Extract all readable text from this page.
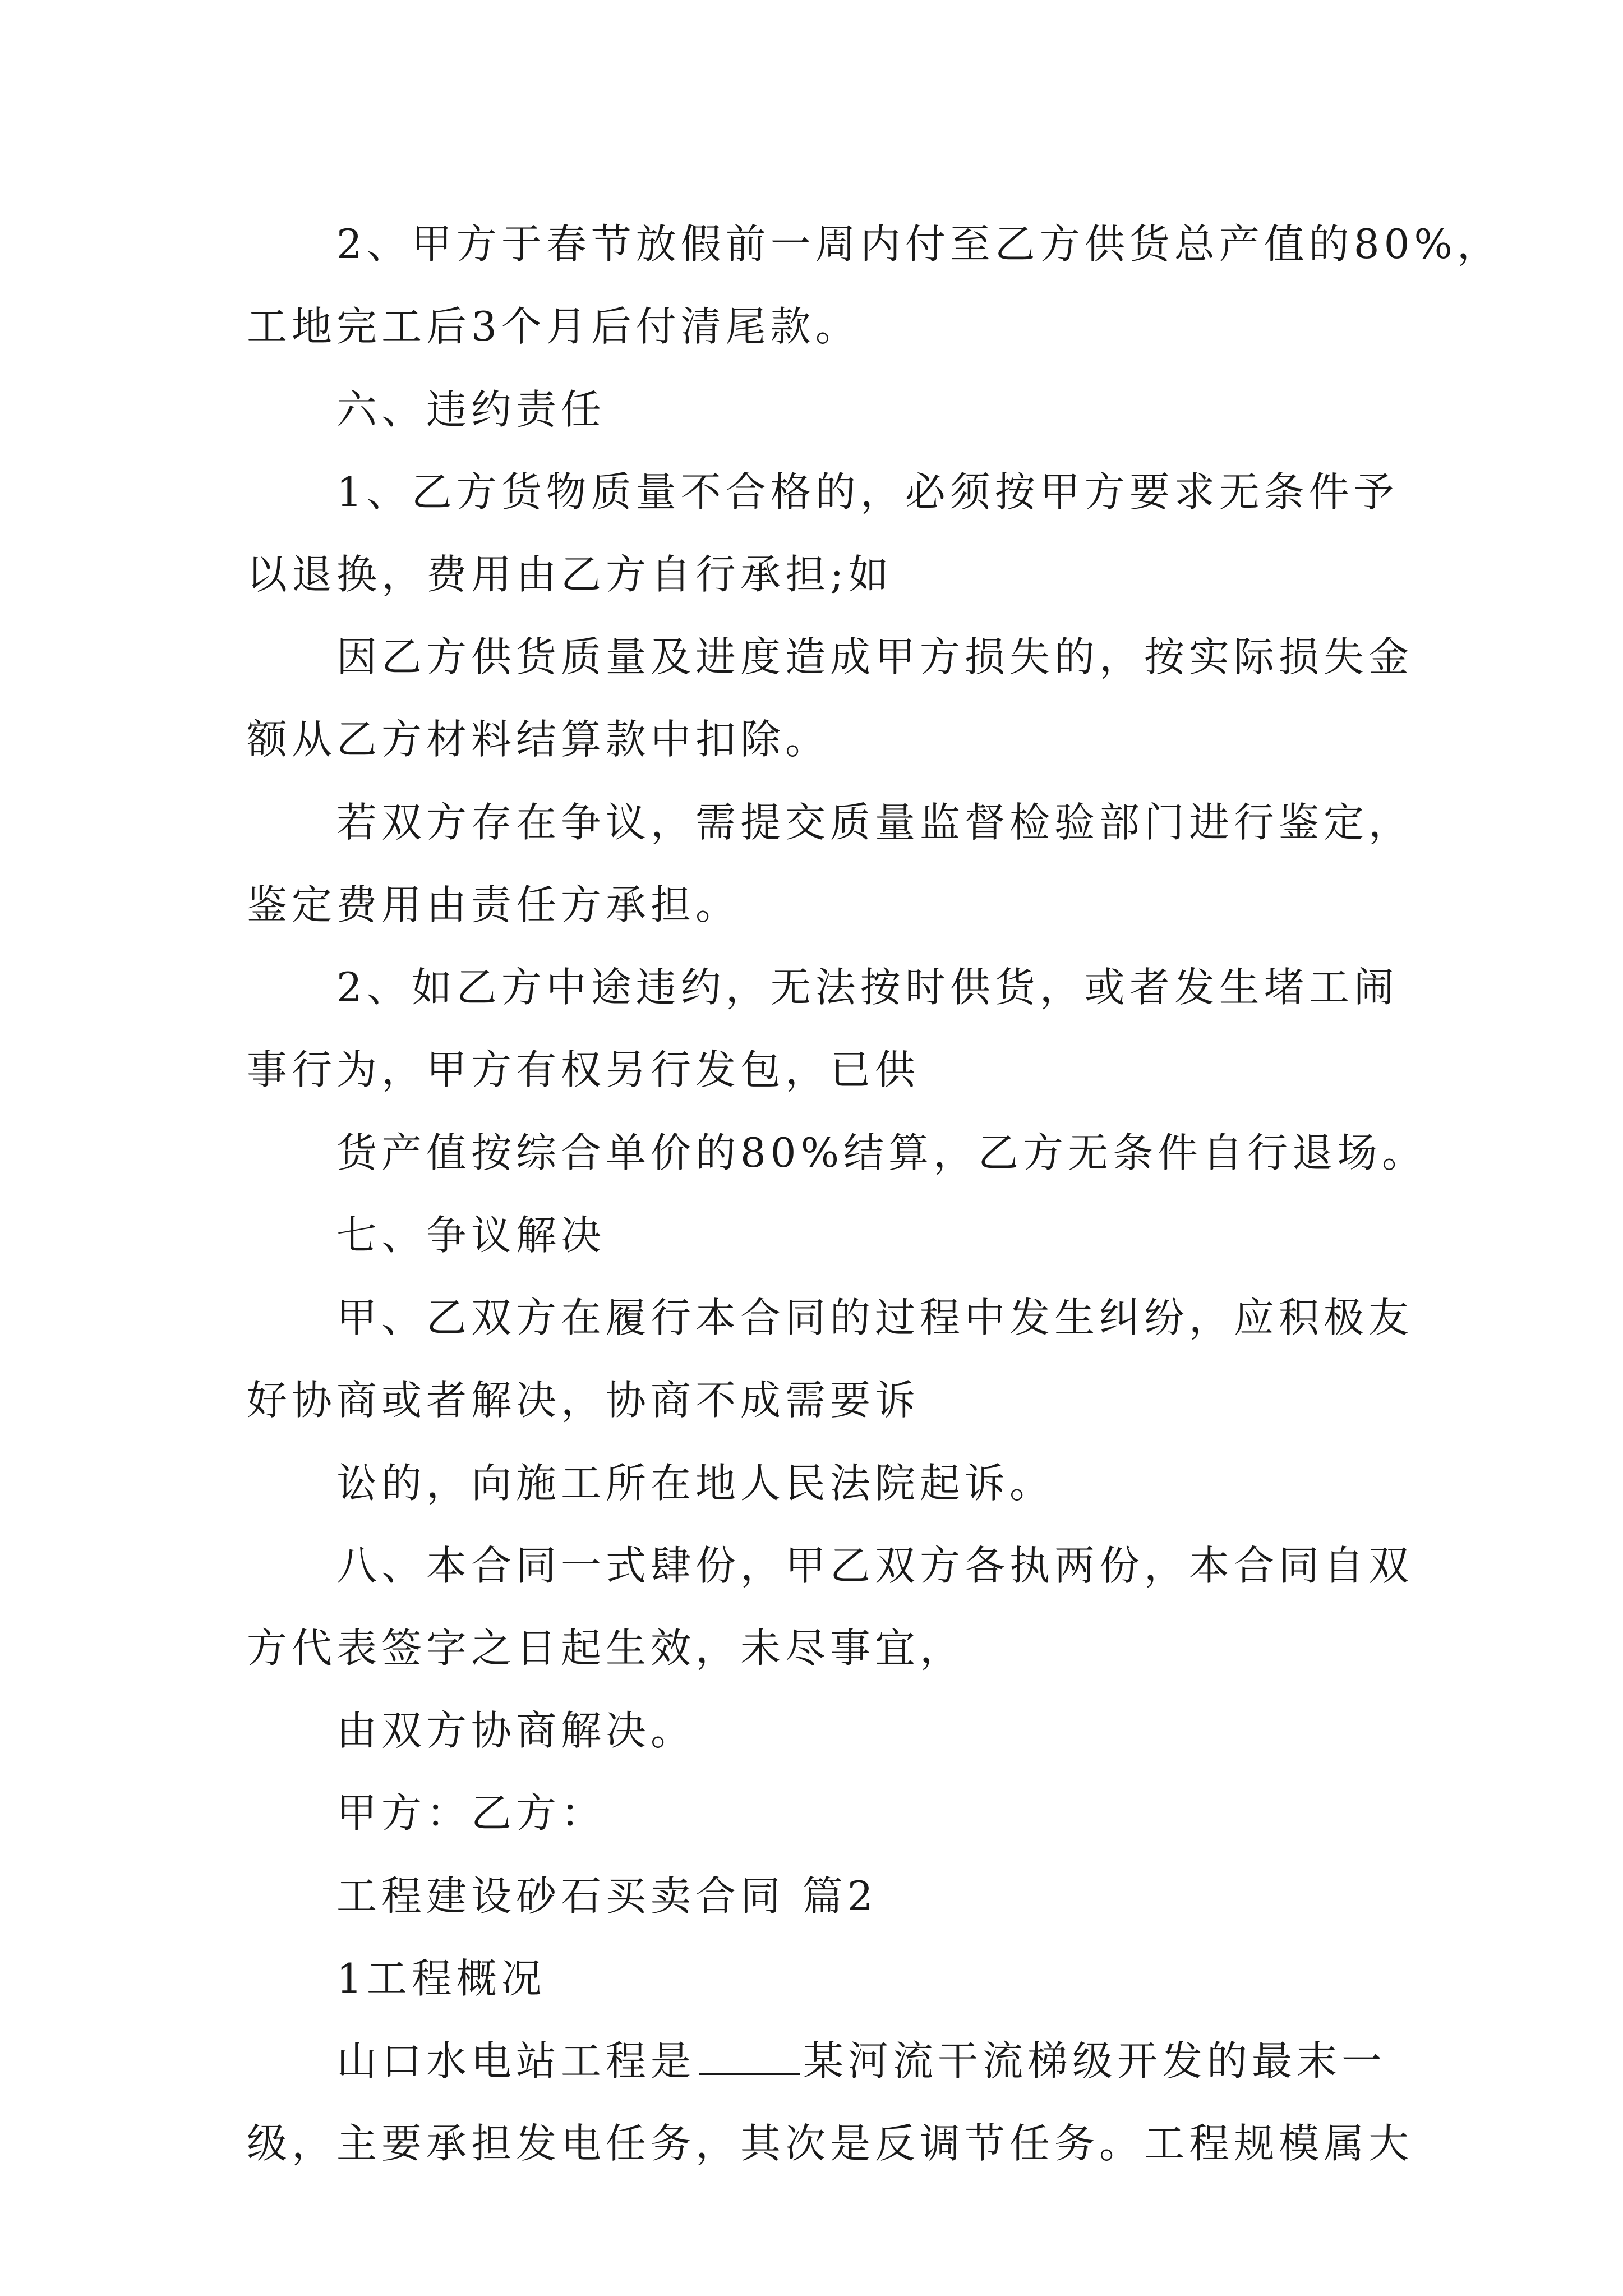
2、甲方于春节放假前一周内付至乙方供货总产值的80%，
工地完工后3个月后付清尾款。
六、违约责任
1、乙方货物质量不合格的，必须按甲方要求无条件予
以退换，费用由乙方自行承担;如
因乙方供货质量及进度造成甲方损失的，按实际损失金
额从乙方材料结算款中扣除。
若双方存在争议，需提交质量监督检验部门进行鉴定，
鉴定费用由责任方承担。
2、如乙方中途违约，无法按时供货，或者发生堵工闹
事行为，甲方有权另行发包，已供
货产值按综合单价的80%结算，乙方无条件自行退场。
七、争议解决
甲、乙双方在履行本合同的过程中发生纠纷，应积极友
好协商或者解决，协商不成需要诉
讼的，向施工所在地人民法院起诉。
八、本合同一式肆份，甲乙双方各执两份，本合同自双
方代表签字之日起生效，未尽事宜，
由双方协商解决。
甲方：乙方：
工程建设砂石买卖合同 篇2
1工程概况
山口水电站工程是	某河流干流梯级开发的最末一
级，主要承担发电任务，其次是反调节任务。工程规模属大
